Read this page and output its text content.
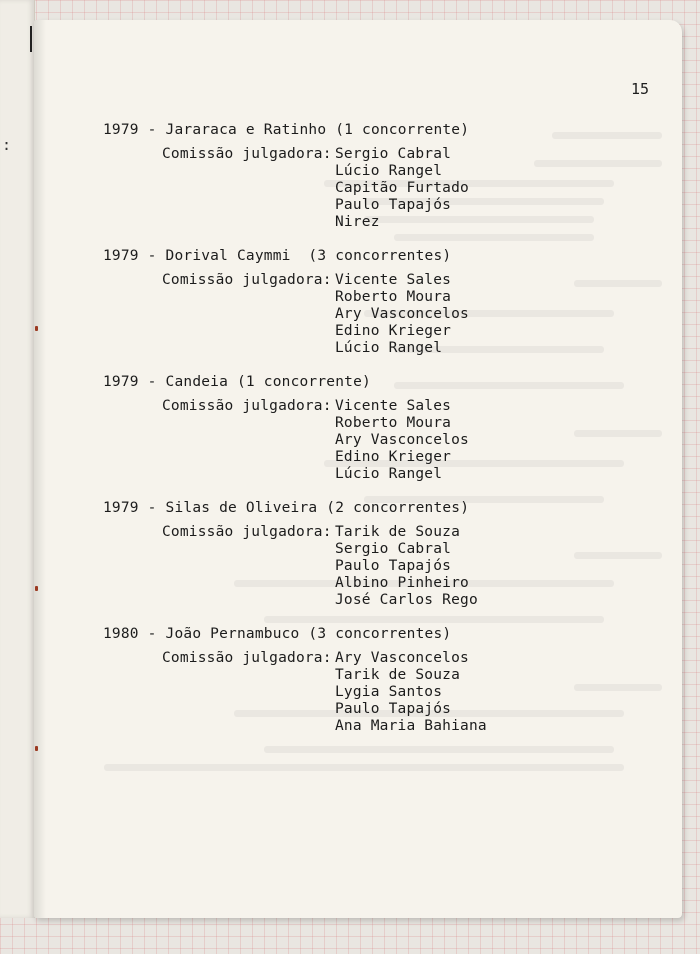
:

15

1979 - Jararaca e Ratinho (1 concorrente)
Comissão julgadora: Sergio Cabral
Lúcio Rangel
Capitão Furtado
Paulo Tapajós
Nirez
1979 - Dorival Caymmi  (3 concorrentes)
Comissão julgadora: Vicente Sales
Roberto Moura
Ary Vasconcelos
Edino Krieger
Lúcio Rangel
1979 - Candeia (1 concorrente)
Comissão julgadora: Vicente Sales
Roberto Moura
Ary Vasconcelos
Edino Krieger
Lúcio Rangel
1979 - Silas de Oliveira (2 concorrentes)
Comissão julgadora: Tarik de Souza
Sergio Cabral
Paulo Tapajós
Albino Pinheiro
José Carlos Rego
1980 - João Pernambuco (3 concorrentes)
Comissão julgadora: Ary Vasconcelos
Tarik de Souza
Lygia Santos
Paulo Tapajós
Ana Maria Bahiana
